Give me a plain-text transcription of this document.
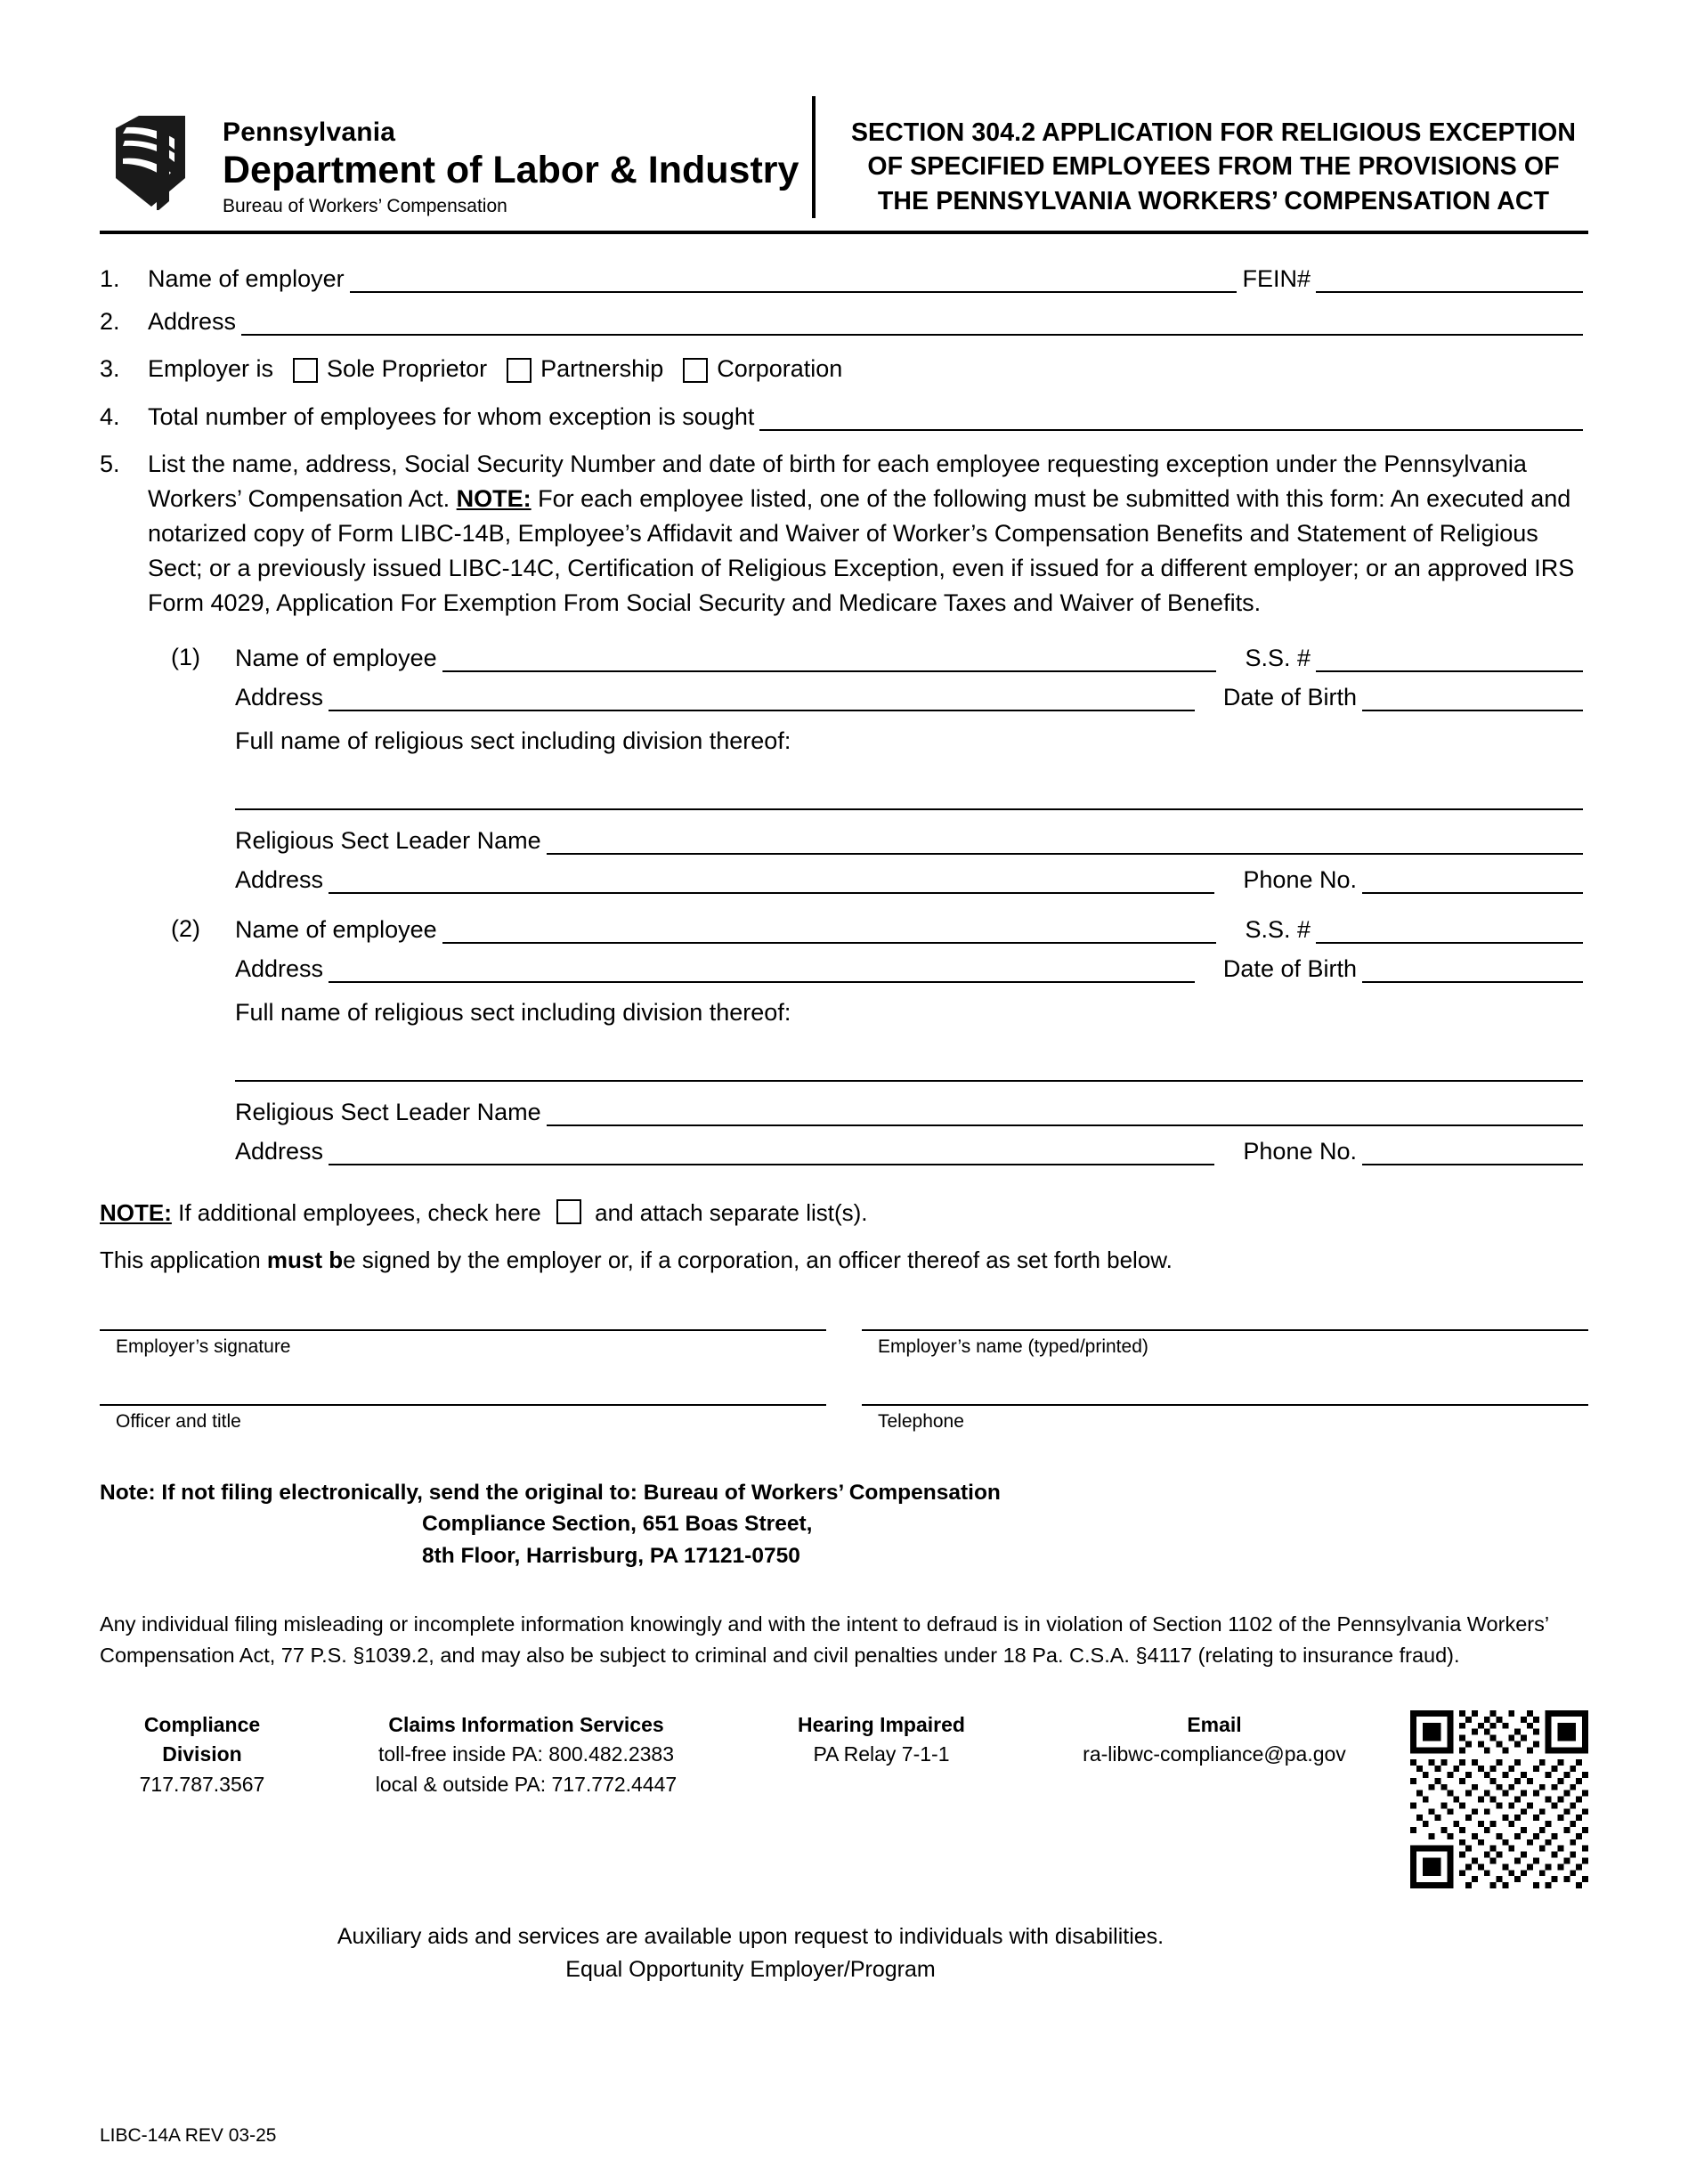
Pennsylvania
Department of Labor & Industry
Bureau of Workers’ Compensation
SECTION 304.2 APPLICATION FOR RELIGIOUS EXCEPTION OF SPECIFIED EMPLOYEES FROM THE PROVISIONS OF THE PENNSYLVANIA WORKERS’ COMPENSATION ACT
1.	Name of employer	FEIN#
2.	Address
3.	Employer is Sole Proprietor Partnership Corporation
4.	Total number of employees for whom exception is sought
5.	List the name, address, Social Security Number and date of birth for each employee requesting exception under the Pennsylvania Workers’ Compensation Act. NOTE: For each employee listed, one of the following must be submitted with this form: An executed and notarized copy of Form LIBC-14B, Employee’s Affidavit and Waiver of Worker’s Compensation Benefits and Statement of Religious Sect; or a previously issued LIBC-14C, Certification of Religious Exception, even if issued for a different employer; or an approved IRS Form 4029, Application For Exemption From Social Security and Medicare Taxes and Waiver of Benefits.

(1) Name of employee	S.S. #
Address	Date of Birth
Full name of religious sect including division thereof:
Religious Sect Leader Name
Address	Phone No.
(2) Name of employee	S.S. #
Address	Date of Birth
Full name of religious sect including division thereof:
Religious Sect Leader Name
Address	Phone No.
NOTE: If additional employees, check here  and attach separate list(s).
This application must be signed by the employer or, if a corporation, an officer thereof as set forth below.
Employer’s signature	Employer’s name (typed/printed)
Officer and title	Telephone
Note: If not filing electronically, send the original to: Bureau of Workers’ Compensation
Compliance Section, 651 Boas Street,
8th Floor, Harrisburg, PA 17121-0750
Any individual filing misleading or incomplete information knowingly and with the intent to defraud is in violation of Section 1102 of the Pennsylvania Workers’ Compensation Act, 77 P.S. §1039.2, and may also be subject to criminal and civil penalties under 18 Pa. C.S.A. §4117 (relating to insurance fraud).
Compliance
Division
717.787.3567
Claims Information Services
toll-free inside PA: 800.482.2383
local & outside PA: 717.772.4447
Hearing Impaired
PA Relay 7-1-1
Email
ra-libwc-compliance@pa.gov
Auxiliary aids and services are available upon request to individuals with disabilities.
Equal Opportunity Employer/Program
LIBC-14A REV 03-25
